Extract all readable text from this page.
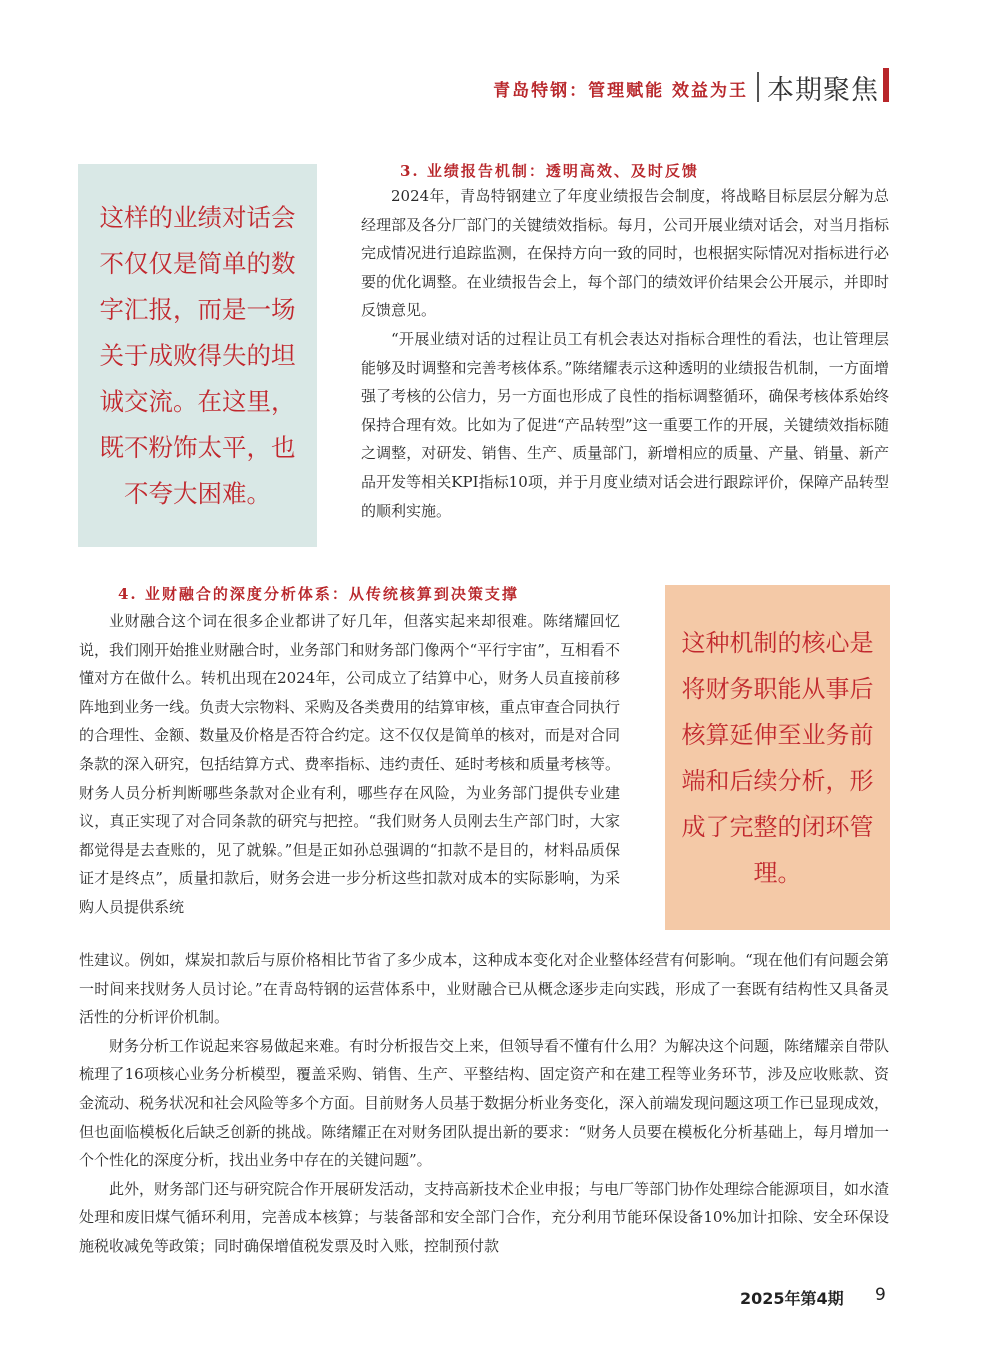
青岛特钢：管理赋能 效益为王 本期聚焦
这样的业绩对话会不仅仅是简单的数字汇报，而是一场关于成败得失的坦诚交流。在这里，既不粉饰太平，也不夸大困难。
3. 业绩报告机制：透明高效、及时反馈

2024年，青岛特钢建立了年度业绩报告会制度，将战略目标层层分解为总经理部及各分厂部门的关键绩效指标。每月，公司开展业绩对话会，对当月指标完成情况进行追踪监测，在保持方向一致的同时，也根据实际情况对指标进行必要的优化调整。在业绩报告会上，每个部门的绩效评价结果会公开展示，并即时反馈意见。

“开展业绩对话的过程让员工有机会表达对指标合理性的看法，也让管理层能够及时调整和完善考核体系。”陈绪耀表示这种透明的业绩报告机制，一方面增强了考核的公信力，另一方面也形成了良性的指标调整循环，确保考核体系始终保持合理有效。比如为了促进“产品转型”这一重要工作的开展，关键绩效指标随之调整，对研发、销售、生产、质量部门，新增相应的质量、产量、销量、新产品开发等相关KPI指标10项，并于月度业绩对话会进行跟踪评价，保障产品转型的顺利实施。

4. 业财融合的深度分析体系：从传统核算到决策支撑

业财融合这个词在很多企业都讲了好几年，但落实起来却很难。陈绪耀回忆说，我们刚开始推业财融合时，业务部门和财务部门像两个“平行宇宙”，互相看不懂对方在做什么。转机出现在2024年，公司成立了结算中心，财务人员直接前移阵地到业务一线。负责大宗物料、采购及各类费用的结算审核，重点审查合同执行的合理性、金额、数量及价格是否符合约定。这不仅仅是简单的核对，而是对合同条款的深入研究，包括结算方式、费率指标、违约责任、延时考核和质量考核等。财务人员分析判断哪些条款对企业有利，哪些存在风险，为业务部门提供专业建议，真正实现了对合同条款的研究与把控。“我们财务人员刚去生产部门时，大家都觉得是去查账的，见了就躲。”但是正如孙总强调的“扣款不是目的，材料品质保证才是终点”，质量扣款后，财务会进一步分析这些扣款对成本的实际影响，为采购人员提供系统

这种机制的核心是将财务职能从事后核算延伸至业务前端和后续分析，形成了完整的闭环管理。

性建议。例如，煤炭扣款后与原价格相比节省了多少成本，这种成本变化对企业整体经营有何影响。“现在他们有问题会第一时间来找财务人员讨论。”在青岛特钢的运营体系中，业财融合已从概念逐步走向实践，形成了一套既有结构性又具备灵活性的分析评价机制。

财务分析工作说起来容易做起来难。有时分析报告交上来，但领导看不懂有什么用？为解决这个问题，陈绪耀亲自带队梳理了16项核心业务分析模型，覆盖采购、销售、生产、平整结构、固定资产和在建工程等业务环节，涉及应收账款、资金流动、税务状况和社会风险等多个方面。目前财务人员基于数据分析业务变化，深入前端发现问题这项工作已显现成效，但也面临模板化后缺乏创新的挑战。陈绪耀正在对财务团队提出新的要求：“财务人员要在模板化分析基础上，每月增加一个个性化的深度分析，找出业务中存在的关键问题”。

此外，财务部门还与研究院合作开展研发活动，支持高新技术企业申报；与电厂等部门协作处理综合能源项目，如水渣处理和废旧煤气循环利用，完善成本核算；与装备部和安全部门合作，充分利用节能环保设备10%加计扣除、安全环保设施税收减免等政策；同时确保增值税发票及时入账，控制预付款

2025年第4期 9
